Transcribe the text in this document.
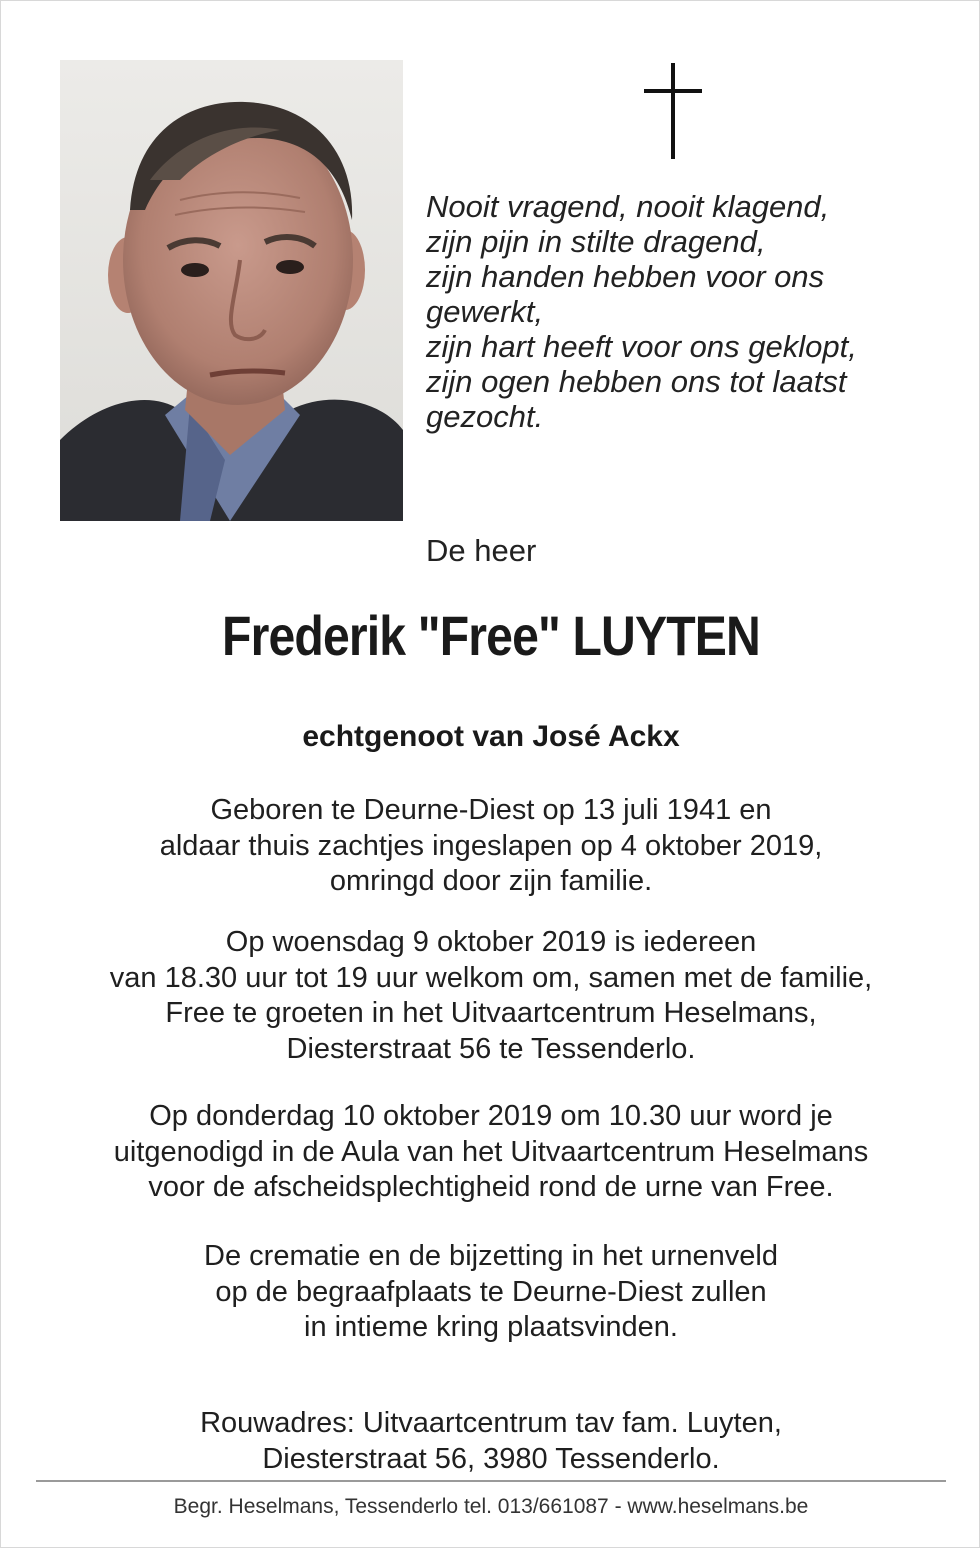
Nooit vragend, nooit klagend,
zijn pijn in stilte dragend,
zijn handen hebben voor ons
gewerkt,
zijn hart heeft voor ons geklopt,
zijn ogen hebben ons tot laatst
gezocht.
De heer
Frederik "Free" LUYTEN
echtgenoot van José Ackx
Geboren te Deurne-Diest op 13 juli 1941 en
aldaar thuis zachtjes ingeslapen op 4 oktober 2019,
omringd door zijn familie.
Op woensdag 9 oktober 2019 is iedereen
van 18.30 uur tot 19 uur welkom om, samen met de familie,
Free te groeten in het Uitvaartcentrum Heselmans,
Diesterstraat 56 te Tessenderlo.
Op donderdag 10 oktober 2019 om 10.30 uur word je
uitgenodigd in de Aula van het Uitvaartcentrum Heselmans
voor de afscheidsplechtigheid rond de urne van Free.
De crematie en de bijzetting in het urnenveld
op de begraafplaats te Deurne-Diest zullen
in intieme kring plaatsvinden.
Rouwadres: Uitvaartcentrum tav fam. Luyten,
Diesterstraat 56, 3980 Tessenderlo.
Begr. Heselmans, Tessenderlo tel. 013/661087 - www.heselmans.be
